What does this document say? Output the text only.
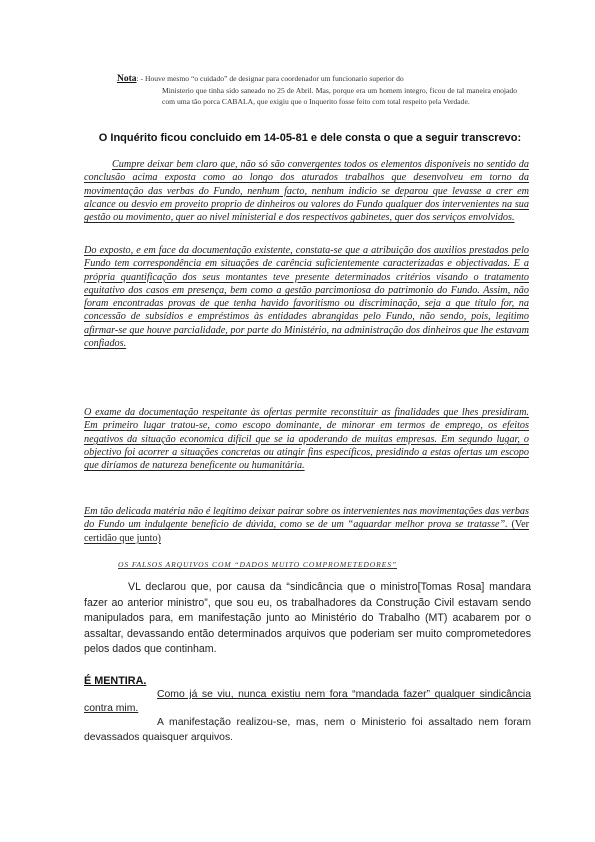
Nota: - Houve mesmo “o cuidado” de designar para coordenador um funcionario superior do
Ministerio que tinha sido saneado no 25 de Abril. Mas, porque era um homem integro, ficou de tal maneira enojado com uma tão porca CABALA, que exigiu que o Inquerito fosse feito com total respeito pela Verdade.
O Inquérito ficou concluido em 14-05-81 e dele consta o que a seguir transcrevo:
Cumpre deixar bem claro que, não só são convergentes todos os elementos disponíveis no sentido da conclusão acima exposta como ao longo dos aturados trabalhos que desenvolveu em torno da movimentação das verbas do Fundo, nenhum facto, nenhum indicio se deparou que levasse a crer em alcance ou desvio em proveito proprio de dinheiros ou valores do Fundo qualquer dos intervenientes na sua gestão ou movimento, quer ao nivel ministerial e dos respectivos gabinetes, quer dos serviços envolvidos.
Do exposto, e em face da documentação existente, constata-se que a atribuição dos auxilios prestados pelo Fundo tem correspondência em situações de carência suficientemente caracterizadas e objectivadas. E a própria quantificação dos seus montantes teve presente determinados critérios visando o tratamento equitativo dos casos em presença, bem como a gestão parcimoniosa do patrimonio do Fundo. Assim, não foram encontradas provas de que tenha havido favoritismo ou discriminação, seja a que título for, na concessão de subsídios e empréstimos às entidades abrangidas pelo Fundo, não sendo, pois, legitimo afirmar-se que houve parcialidade, por parte do Ministério, na administração dos dinheiros que lhe estavam confiados.
O exame da documentação respeitante às ofertas permite reconstituir as finalidades que lhes presidiram. Em primeiro lugar tratou-se, como escopo dominante, de minorar em termos de emprego, os efeitos negativos da situação economica difícil que se ia apoderando de muitas empresas. Em segundo lugar, o objectivo foi acorrer a situações concretas ou atingir fins específicos, presidindo a estas ofertas um escopo que diríamos de natureza beneficente ou humanitária.
Em tão delicada matéria não é legítimo deixar pairar sobre os intervenientes nas movimentações das verbas do Fundo um indulgente benefício de dúvida, como se de um “aguardar melhor prova se tratasse”. (Ver certidão que junto)
OS FALSOS ARQUIVOS COM “DADOS MUITO COMPROMETEDORES”
VL declarou que, por causa da “sindicância que o ministro[Tomas Rosa] mandara fazer ao anterior ministro”, que sou eu, os trabalhadores da Construção Civil estavam sendo manipulados para, em manifestação junto ao Ministério do Trabalho (MT) acabarem por o assaltar, devassando então determinados arquivos que poderiam ser muito comprometedores pelos dados que continham.
É MENTIRA.
Como já se viu, nunca existiu nem fora “mandada fazer” qualquer sindicância contra mim.
A manifestação realizou-se, mas, nem o Ministerio foi assaltado nem foram devassados quaisquer arquivos.
